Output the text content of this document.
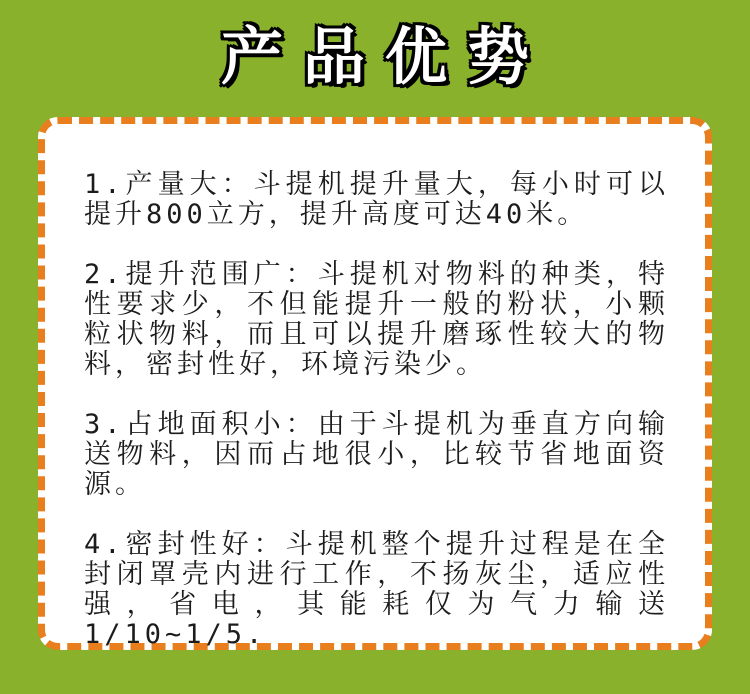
产品优势

1.产量大：斗提机提升量大，每小时可以提升800立方，提升高度可达40米。

2.提升范围广：斗提机对物料的种类，特性要求少，不但能提升一般的粉状，小颗粒状物料，而且可以提升磨琢性较大的物料，密封性好，环境污染少。

3.占地面积小：由于斗提机为垂直方向输送物料，因而占地很小，比较节省地面资源。

4.密封性好：斗提机整个提升过程是在全封闭罩壳内进行工作，不扬灰尘，适应性强，省电，其能耗仅为气力输送1/10~1/5.
